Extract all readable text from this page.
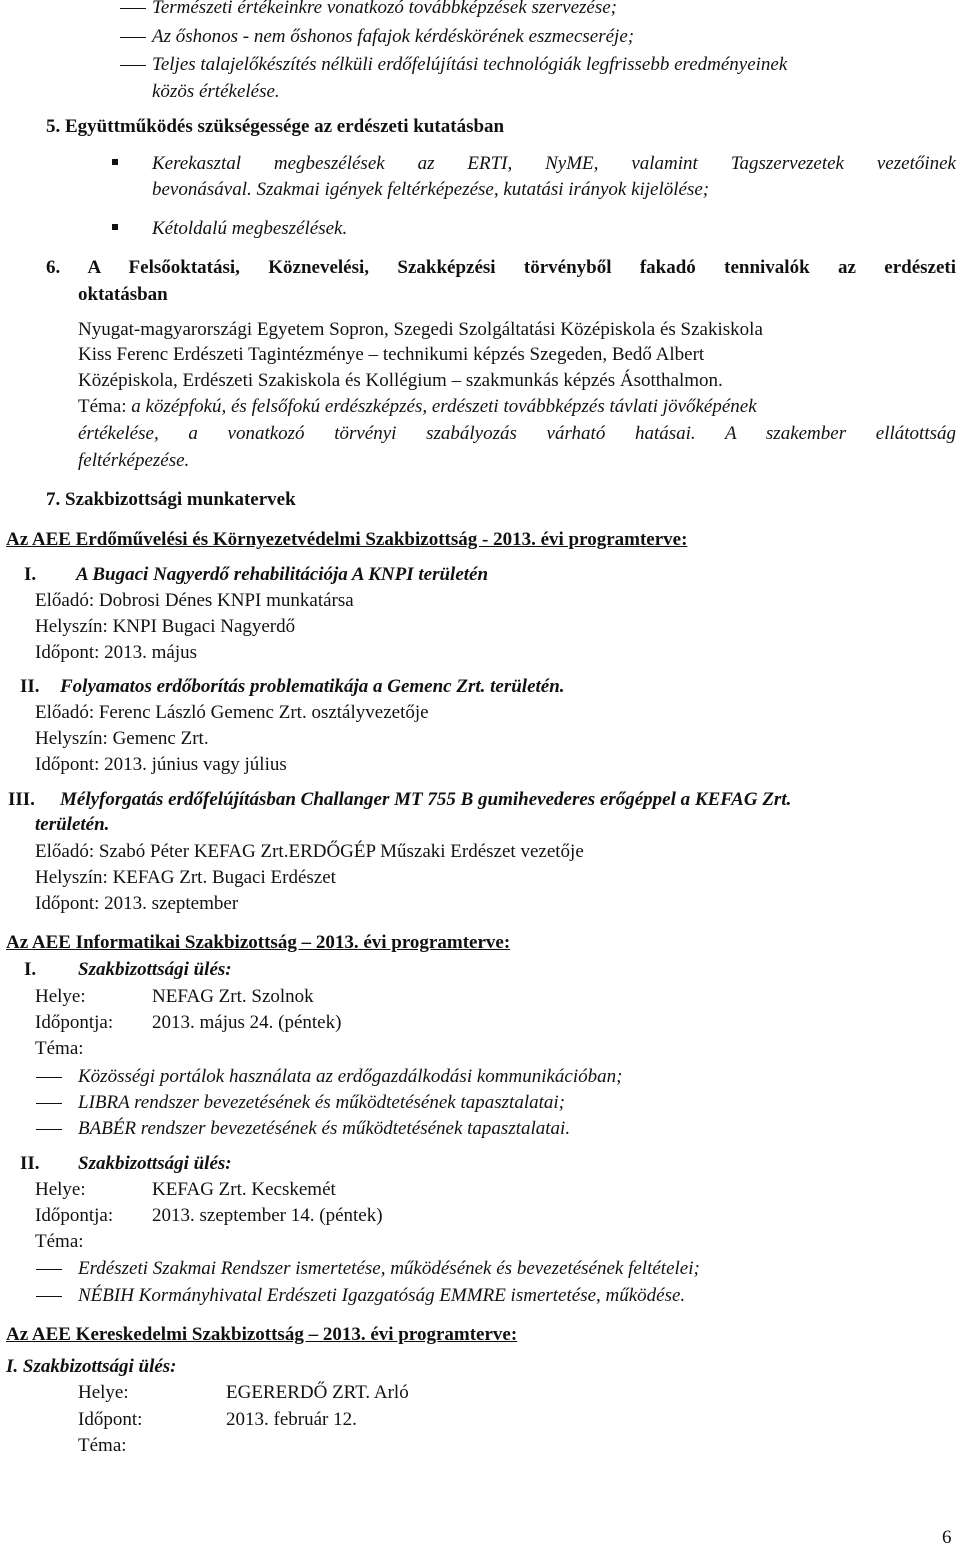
Természeti értékeinkre vonatkozó továbbképzések szervezése;
Az őshonos - nem őshonos fafajok kérdéskörének eszmecseréje;
Teljes talajelőkészítés nélküli erdőfelújítási technológiák legfrissebb eredményeinek
közös értékelése.
5. Együttműködés szükségessége az erdészeti kutatásban
Kerekasztal megbeszélések az ERTI, NyME, valamint Tagszervezetek vezetőinek
bevonásával. Szakmai igények feltérképezése, kutatási irányok kijelölése;
Kétoldalú megbeszélések.
6. A Felsőoktatási, Köznevelési, Szakképzési törvényből fakadó tennivalók az erdészeti
oktatásban
Nyugat-magyarországi Egyetem Sopron, Szegedi Szolgáltatási Középiskola és Szakiskola
Kiss Ferenc Erdészeti Tagintézménye – technikumi képzés Szegeden, Bedő Albert
Középiskola, Erdészeti Szakiskola és Kollégium – szakmunkás képzés Ásotthalmon.
Téma: a középfokú, és felsőfokú erdészképzés, erdészeti továbbképzés távlati jövőképének
értékelése, a vonatkozó törvényi szabályozás várható hatásai. A szakember ellátottság
feltérképezése.
7. Szakbizottsági munkatervek
Az AEE Erdőművelési és Környezetvédelmi Szakbizottság - 2013. évi programterve:
I. A Bugaci Nagyerdő rehabilitációja A KNPI területén
Előadó: Dobrosi Dénes KNPI munkatársa
Helyszín: KNPI Bugaci Nagyerdő
Időpont: 2013. május
II. Folyamatos erdőborítás problematikája a Gemenc Zrt. területén.
Előadó: Ferenc László Gemenc Zrt. osztályvezetője
Helyszín: Gemenc Zrt.
Időpont: 2013. június vagy július
III. Mélyforgatás erdőfelújításban Challanger MT 755 B gumihevederes erőgéppel a KEFAG Zrt.
területén.
Előadó: Szabó Péter KEFAG Zrt.ERDŐGÉP Műszaki Erdészet vezetője
Helyszín: KEFAG Zrt. Bugaci Erdészet
Időpont: 2013. szeptember
Az AEE Informatikai Szakbizottság – 2013. évi programterve:
I. Szakbizottsági ülés:
Helye:	NEFAG Zrt. Szolnok
Időpontja: 2013. május 24. (péntek)
Téma:
Közösségi portálok használata az erdőgazdálkodási kommunikációban;
LIBRA rendszer bevezetésének és működtetésének tapasztalatai;
BABÉR rendszer bevezetésének és működtetésének tapasztalatai.
II. Szakbizottsági ülés:
Helye:	KEFAG Zrt. Kecskemét
Időpontja: 2013. szeptember 14. (péntek)
Téma:
Erdészeti Szakmai Rendszer ismertetése, működésének és bevezetésének feltételei;
NÉBIH Kormányhivatal Erdészeti Igazgatóság EMMRE ismertetése, működése.
Az AEE Kereskedelmi Szakbizottság – 2013. évi programterve:
I. Szakbizottsági ülés:
Helye:	EGERERDŐ ZRT. Arló
Időpont:	2013. február 12.
Téma:
6
